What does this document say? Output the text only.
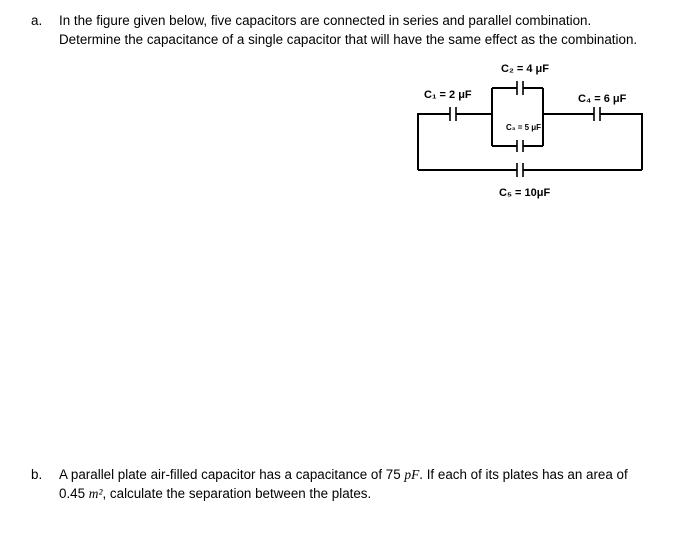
a. In the figure given below, five capacitors are connected in series and parallel combination.
Determine the capacitance of a single capacitor that will have the same effect as the combination.
C₁ = 2 μF
C₂ = 4 μF
C₃ = 5 μF
C₄ = 6 μF
C₅ = 10μF
b. A parallel plate air-filled capacitor has a capacitance of 75 pF. If each of its plates has an area of
0.45 m², calculate the separation between the plates.
